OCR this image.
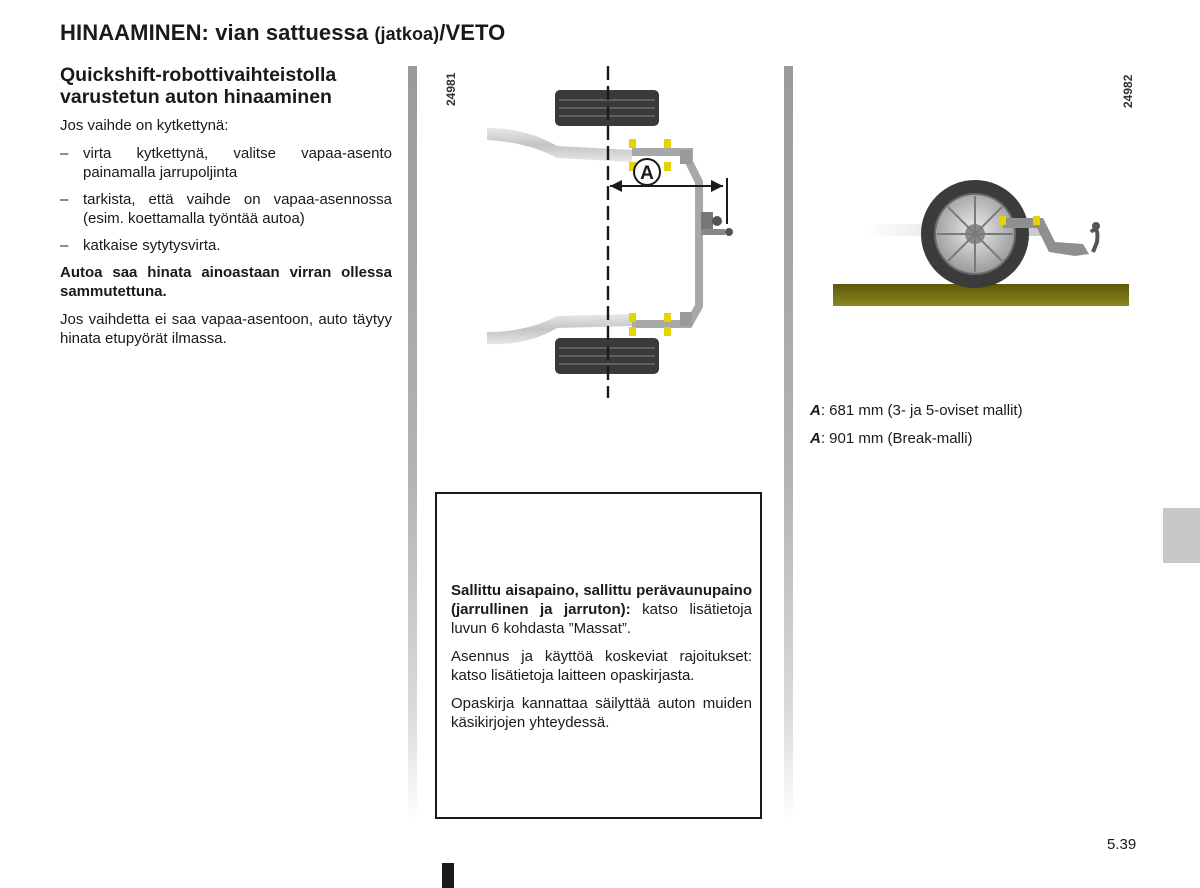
HINAAMINEN: vian sattuessa (jatkoa)/VETO
Quickshift-robottivaihteistolla varustetun auton hinaaminen

Jos vaihde on kytkettynä:

– virta kytkettynä, valitse vapaa-asento painamalla jarrupoljinta
– tarkista, että vaihde on vapaa-asennossa (esim. koettamalla työntää autoa)
– katkaise sytytysvirta.

Autoa saa hinata ainoastaan virran ollessa sammutettuna.

Jos vaihdetta ei saa vapaa-asentoon, auto täytyy hinata etupyörät ilmassa.

24981
A
24982
A: 681 mm (3- ja 5-oviset mallit)
A: 901 mm (Break-malli)

Sallittu aisapaino, sallittu perävaunupaino (jarrullinen ja jarruton): katso lisätietoja luvun 6 kohdasta ”Massat”.

Asennus ja käyttöä koskeviat rajoitukset: katso lisätietoja laitteen opaskirjasta.

Opaskirja kannattaa säilyttää auton muiden käsikirjojen yhteydessä.

5.39
